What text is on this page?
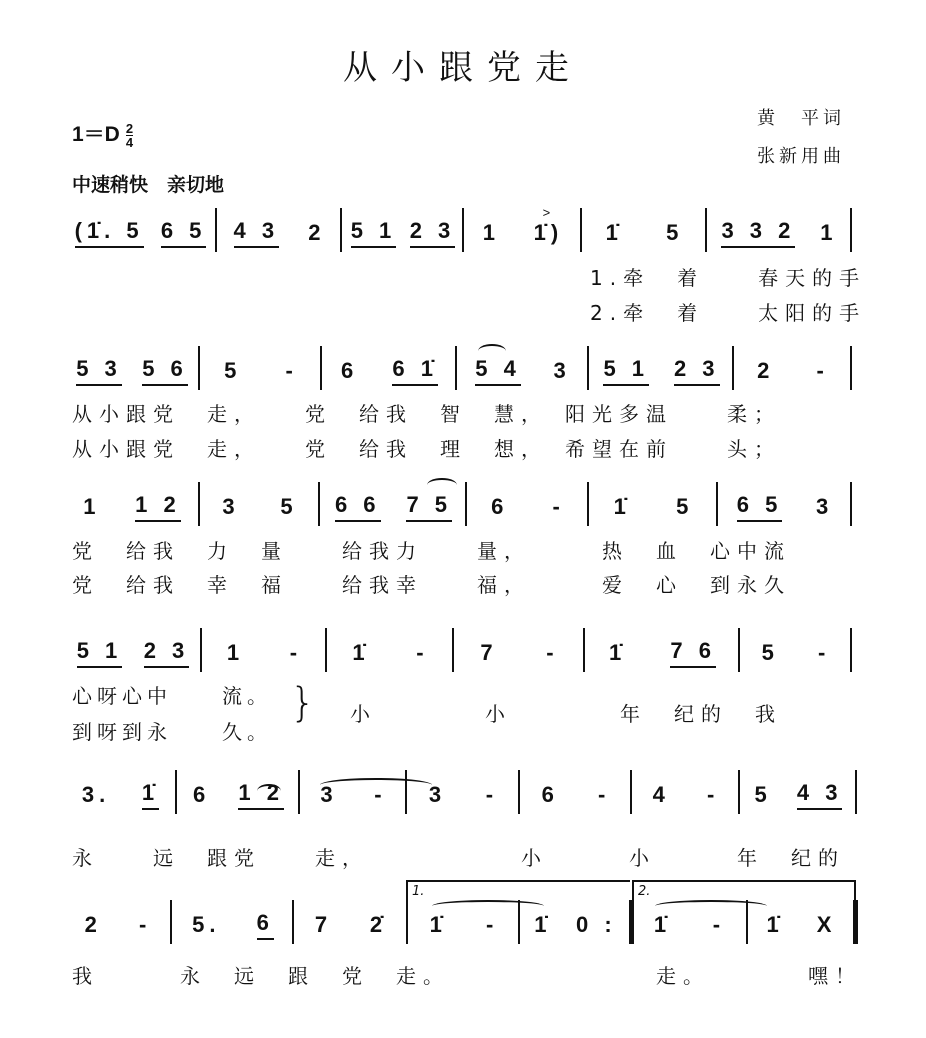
从小跟党走
$1=D \frac{2}{4}$
中速稍快　亲切地
黄　平词
张新用曲
(1̇. 5 6 5 4 3 2 5 1 2 3 1 1̇)
>
1̇ 5 3 3 2 1
5 3 5 6 5 - 6 6 1̇ 5 4 3 5 1 2 3 2 -
1 1 2 3 5 6 6 7 5 6 - 1̇ 5 6 5 3
5 1 2 3 1 - 1̇ - 7 - 1̇ 7 6 5 -
3. 1̇ 6 1 2 3 - 3 - 6 - 4 - 5 4 3
2 - 5. 6 7 2̇ 1̇ - 1̇ 0 : 1̇ - 1̇ X
1.牵　着　　春天的手
2.牵　着　　太阳的手
从小跟党　走，　　党　给我　智　慧，　阳光多温　　柔；
从小跟党　走，　　党　给我　理　想，　希望在前　　头；
党　给我　力　量　　给我力　　量，　　　热　血　心中流
党　给我　幸　福　　给我幸　　福，　　　爱　心　到永久
心呀心中　　流。
到呀到永　　久。
} 小　　　　小　　　　年　纪的　我
永　　远　跟党　　走，　　　　　　小　　　小　　　年　纪的
我　　　永　远　跟　党　走。　　　　　　　　走。　　　　嘿！
1.	2.
